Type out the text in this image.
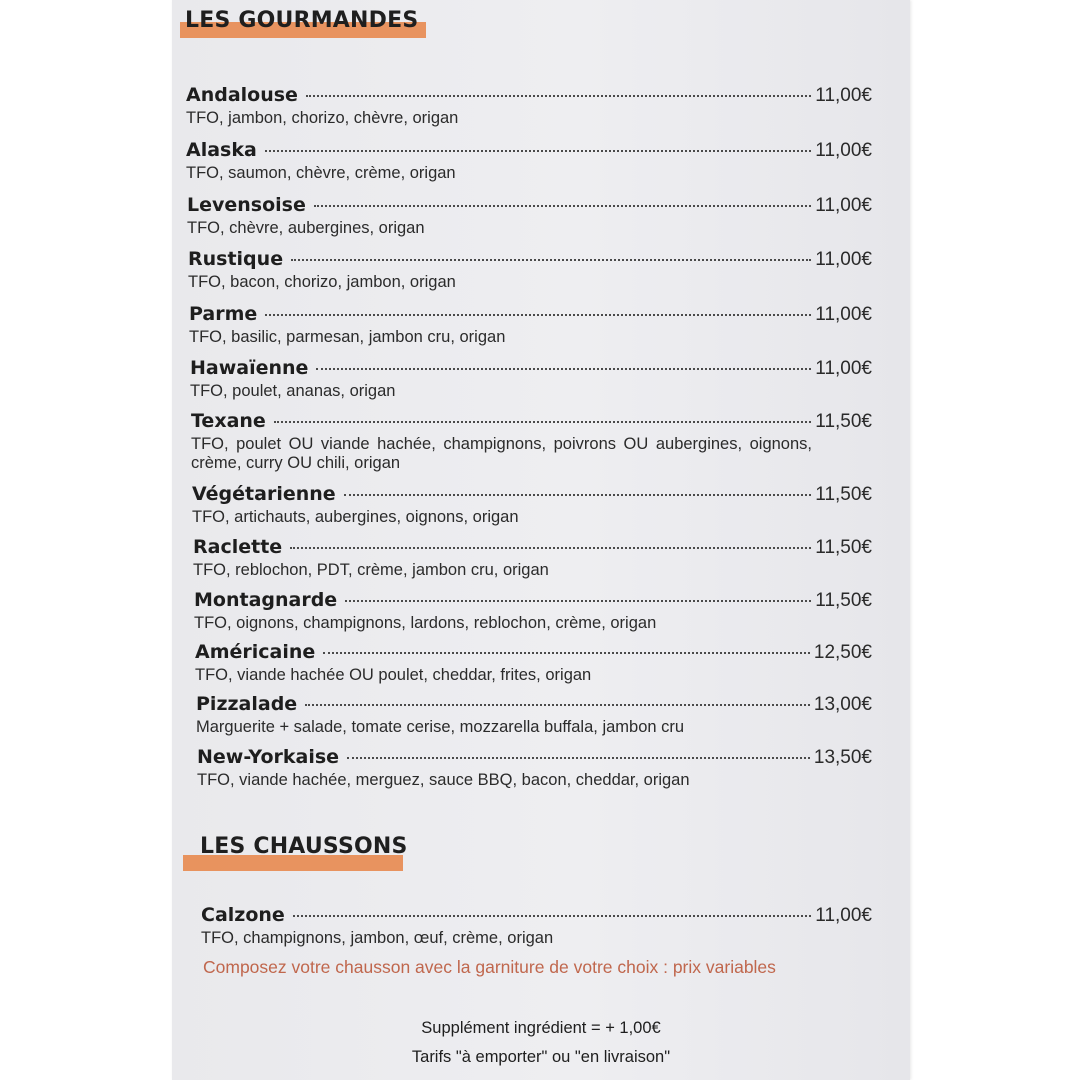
LES GOURMANDES
Andalouse	11,00€
TFO, jambon, chorizo, chèvre, origan
Alaska	11,00€
TFO, saumon, chèvre, crème, origan
Levensoise	11,00€
TFO, chèvre, aubergines, origan
Rustique	11,00€
TFO, bacon, chorizo, jambon, origan
Parme	11,00€
TFO, basilic, parmesan, jambon cru, origan
Hawaïenne	11,00€
TFO, poulet, ananas, origan
Texane	11,50€
TFO, poulet OU viande hachée, champignons, poivrons OU aubergines, oignons, crème, curry OU chili, origan
Végétarienne	11,50€
TFO, artichauts, aubergines, oignons, origan
Raclette	11,50€
TFO, reblochon, PDT, crème, jambon cru, origan
Montagnarde	11,50€
TFO, oignons, champignons, lardons, reblochon, crème, origan
Américaine	12,50€
TFO, viande hachée OU poulet, cheddar, frites, origan
Pizzalade	13,00€
Marguerite + salade, tomate cerise, mozzarella buffala, jambon cru
New-Yorkaise	13,50€
TFO, viande hachée, merguez, sauce BBQ, bacon, cheddar, origan
LES CHAUSSONS
Calzone	11,00€
TFO, champignons, jambon, œuf, crème, origan
Composez votre chausson avec la garniture de votre choix : prix variables
Supplément ingrédient = + 1,00€
Tarifs "à emporter" ou "en livraison"
